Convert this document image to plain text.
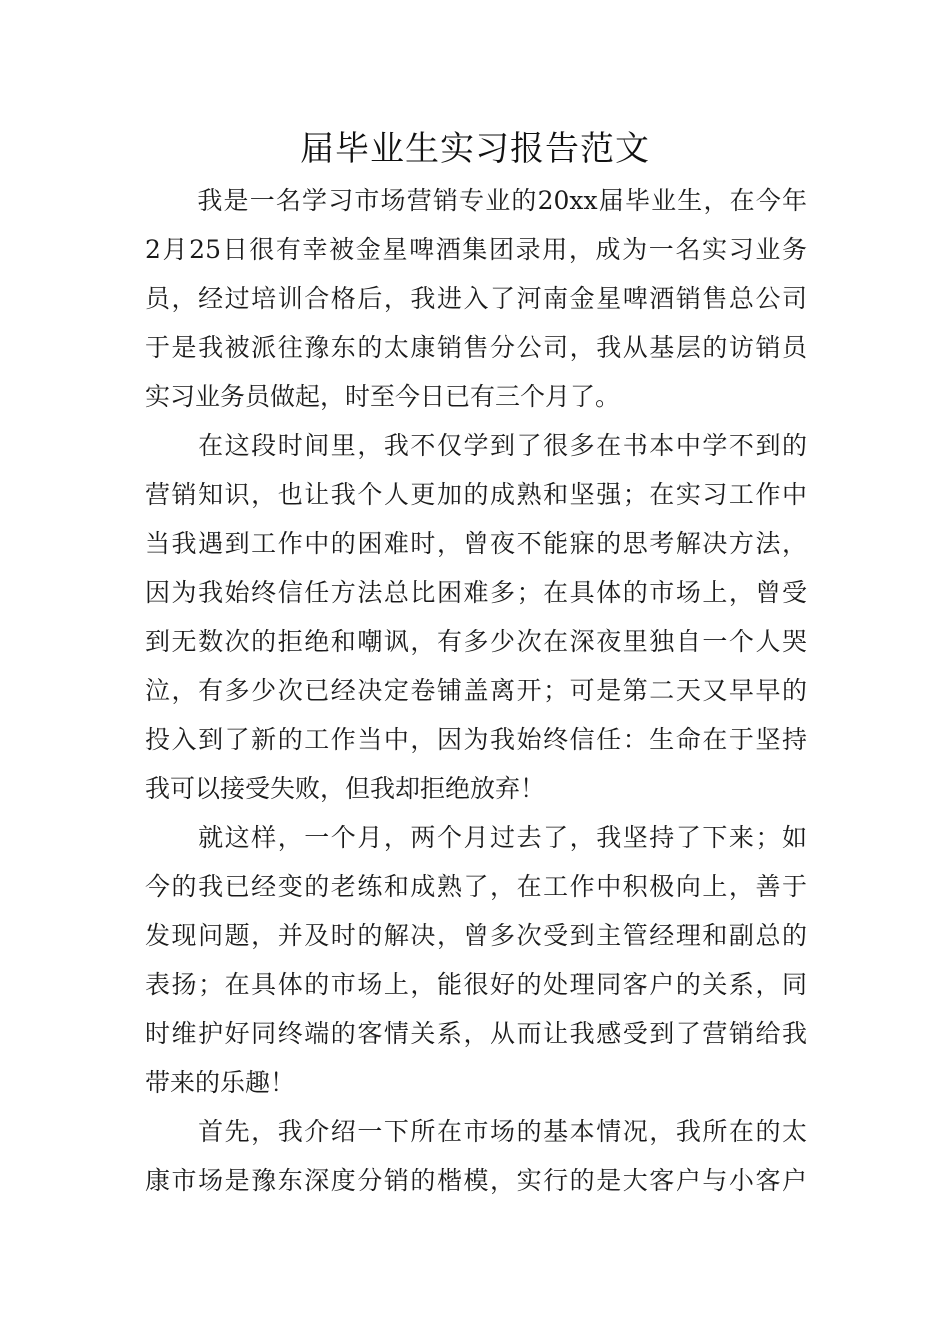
届毕业生实习报告范文
　　我是一名学习市场营销专业的20xx届毕业生，在今年
2月25日很有幸被金星啤酒集团录用，成为一名实习业务
员，经过培训合格后，我进入了河南金星啤酒销售总公司
于是我被派往豫东的太康销售分公司，我从基层的访销员
实习业务员做起，时至今日已有三个月了。
　　在这段时间里，我不仅学到了很多在书本中学不到的
营销知识，也让我个人更加的成熟和坚强；在实习工作中
当我遇到工作中的困难时，曾夜不能寐的思考解决方法，
因为我始终信任方法总比困难多；在具体的市场上，曾受
到无数次的拒绝和嘲讽，有多少次在深夜里独自一个人哭
泣，有多少次已经决定卷铺盖离开；可是第二天又早早的
投入到了新的工作当中，因为我始终信任：生命在于坚持
我可以接受失败，但我却拒绝放弃！
　　就这样，一个月，两个月过去了，我坚持了下来；如
今的我已经变的老练和成熟了，在工作中积极向上，善于
发现问题，并及时的解决，曾多次受到主管经理和副总的
表扬；在具体的市场上，能很好的处理同客户的关系，同
时维护好同终端的客情关系，从而让我感受到了营销给我
带来的乐趣！
　　首先，我介绍一下所在市场的基本情况，我所在的太
康市场是豫东深度分销的楷模，实行的是大客户与小客户
